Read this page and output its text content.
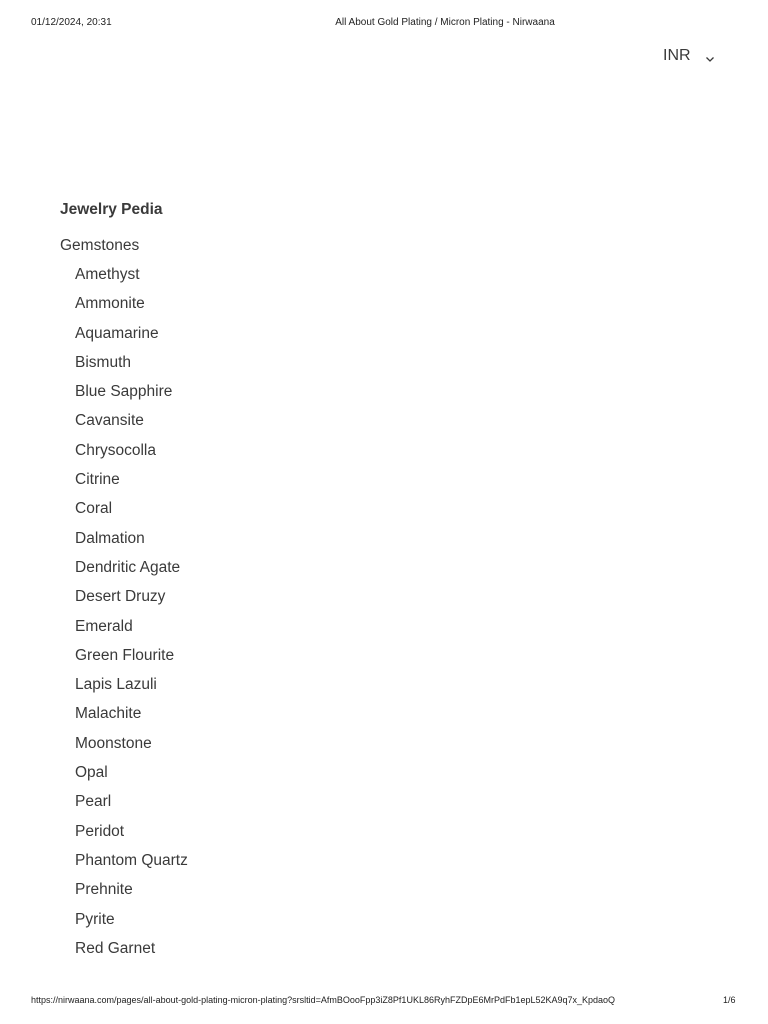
01/12/2024, 20:31	All About Gold Plating / Micron Plating - Nirwaana
INR
Jewelry Pedia
Gemstones
Amethyst
Ammonite
Aquamarine
Bismuth
Blue Sapphire
Cavansite
Chrysocolla
Citrine
Coral
Dalmation
Dendritic Agate
Desert Druzy
Emerald
Green Flourite
Lapis Lazuli
Malachite
Moonstone
Opal
Pearl
Peridot
Phantom Quartz
Prehnite
Pyrite
Red Garnet
https://nirwaana.com/pages/all-about-gold-plating-micron-plating?srsltid=AfmBOooFpp3iZ8Pf1UKL86RyhFZDpE6MrPdFb1epL52KA9q7x_KpdaoQ	1/6
